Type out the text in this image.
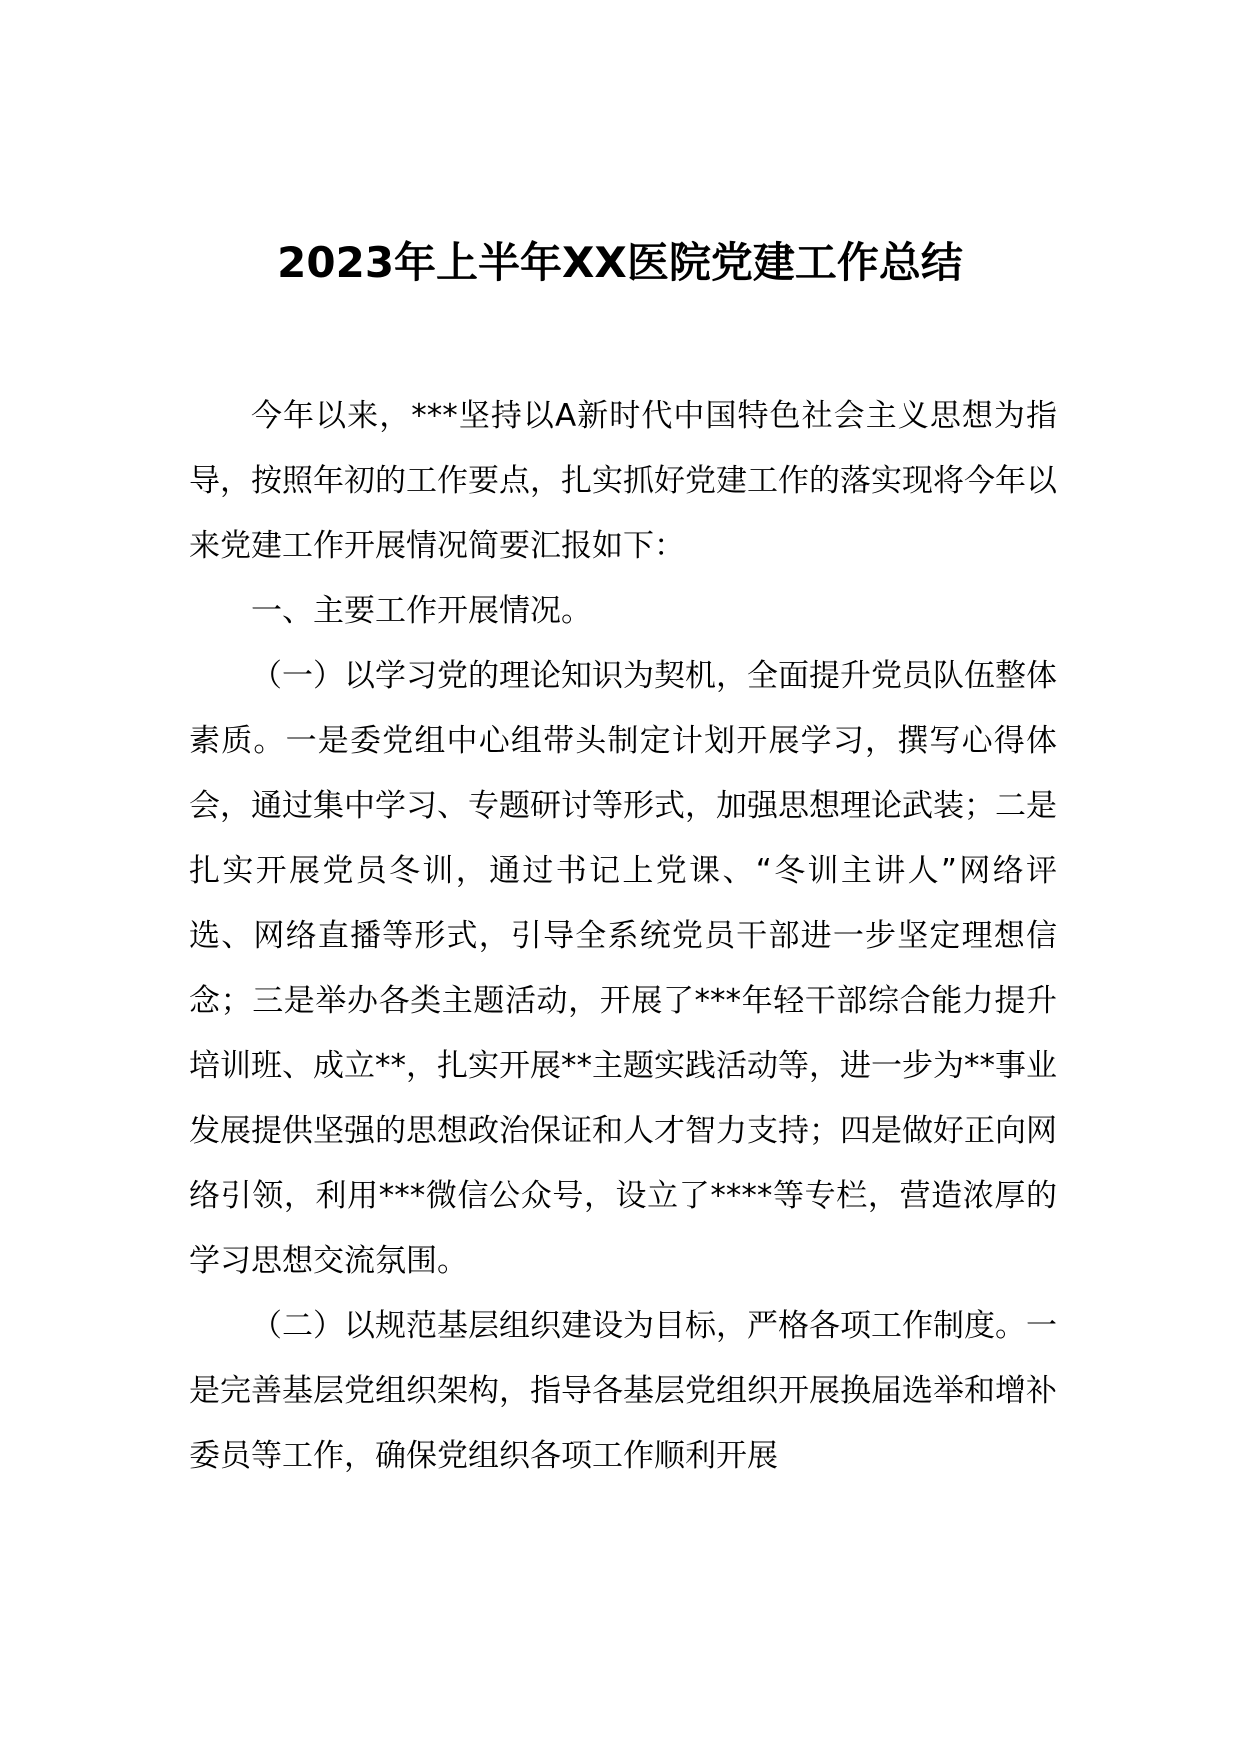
2023年上半年XX医院党建工作总结

今年以来，***坚持以A新时代中国特色社会主义思想为指导，按照年初的工作要点，扎实抓好党建工作的落实现将今年以来党建工作开展情况简要汇报如下：

一、主要工作开展情况。

（一）以学习党的理论知识为契机，全面提升党员队伍整体素质。一是委党组中心组带头制定计划开展学习，撰写心得体会，通过集中学习、专题研讨等形式，加强思想理论武装；二是扎实开展党员冬训，通过书记上党课、“冬训主讲人”网络评选、网络直播等形式，引导全系统党员干部进一步坚定理想信念；三是举办各类主题活动，开展了***年轻干部综合能力提升培训班、成立**，扎实开展**主题实践活动等，进一步为**事业发展提供坚强的思想政治保证和人才智力支持；四是做好正向网络引领，利用***微信公众号，设立了****等专栏，营造浓厚的学习思想交流氛围。

（二）以规范基层组织建设为目标，严格各项工作制度。一是完善基层党组织架构，指导各基层党组织开展换届选举和增补委员等工作，确保党组织各项工作顺利开展
